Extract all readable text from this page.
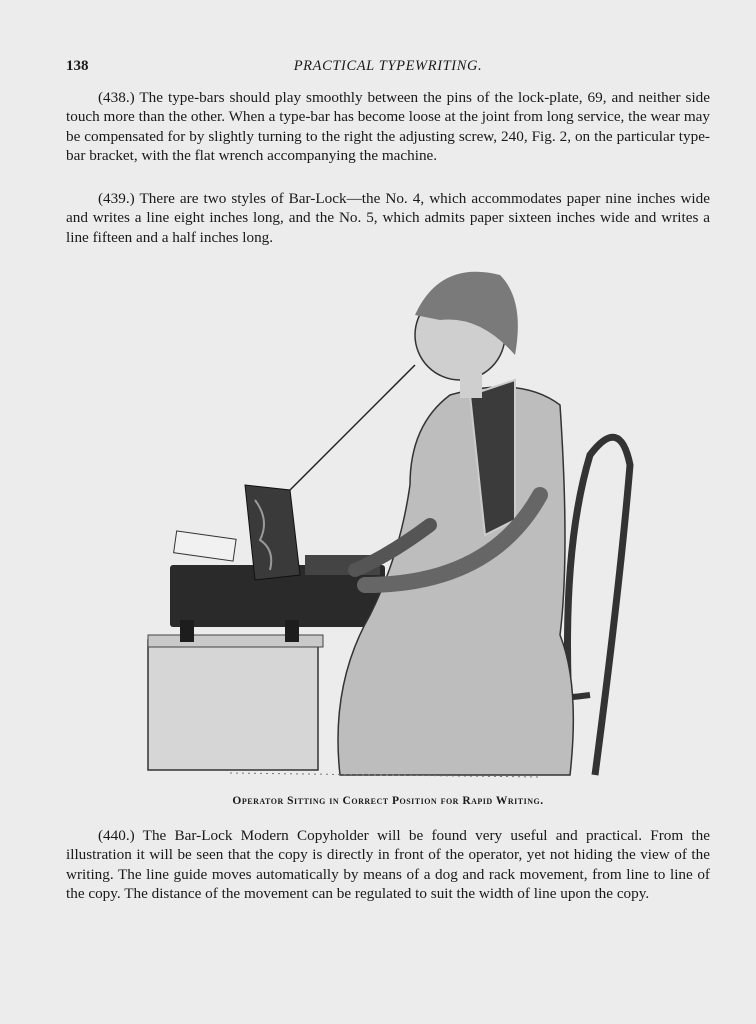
138	PRACTICAL TYPEWRITING.

(438.) The type-bars should play smoothly between the pins of the lock-plate, 69, and neither side touch more than the other. When a type-bar has become loose at the joint from long service, the wear may be compensated for by slightly turning to the right the adjusting screw, 240, Fig. 2, on the particular type-bar bracket, with the flat wrench accompanying the machine.

(439.) There are two styles of Bar-Lock—the No. 4, which accommodates paper nine inches wide and writes a line eight inches long, and the No. 5, which admits paper sixteen inches wide and writes a line fifteen and a half inches long.

Operator Sitting in Correct Position for Rapid Writing.

(440.) The Bar-Lock Modern Copyholder will be found very useful and practical. From the illustration it will be seen that the copy is directly in front of the operator, yet not hiding the view of the writing. The line guide moves automatically by means of a dog and rack movement, from line to line of the copy. The distance of the movement can be regulated to suit the width of line upon the copy.
